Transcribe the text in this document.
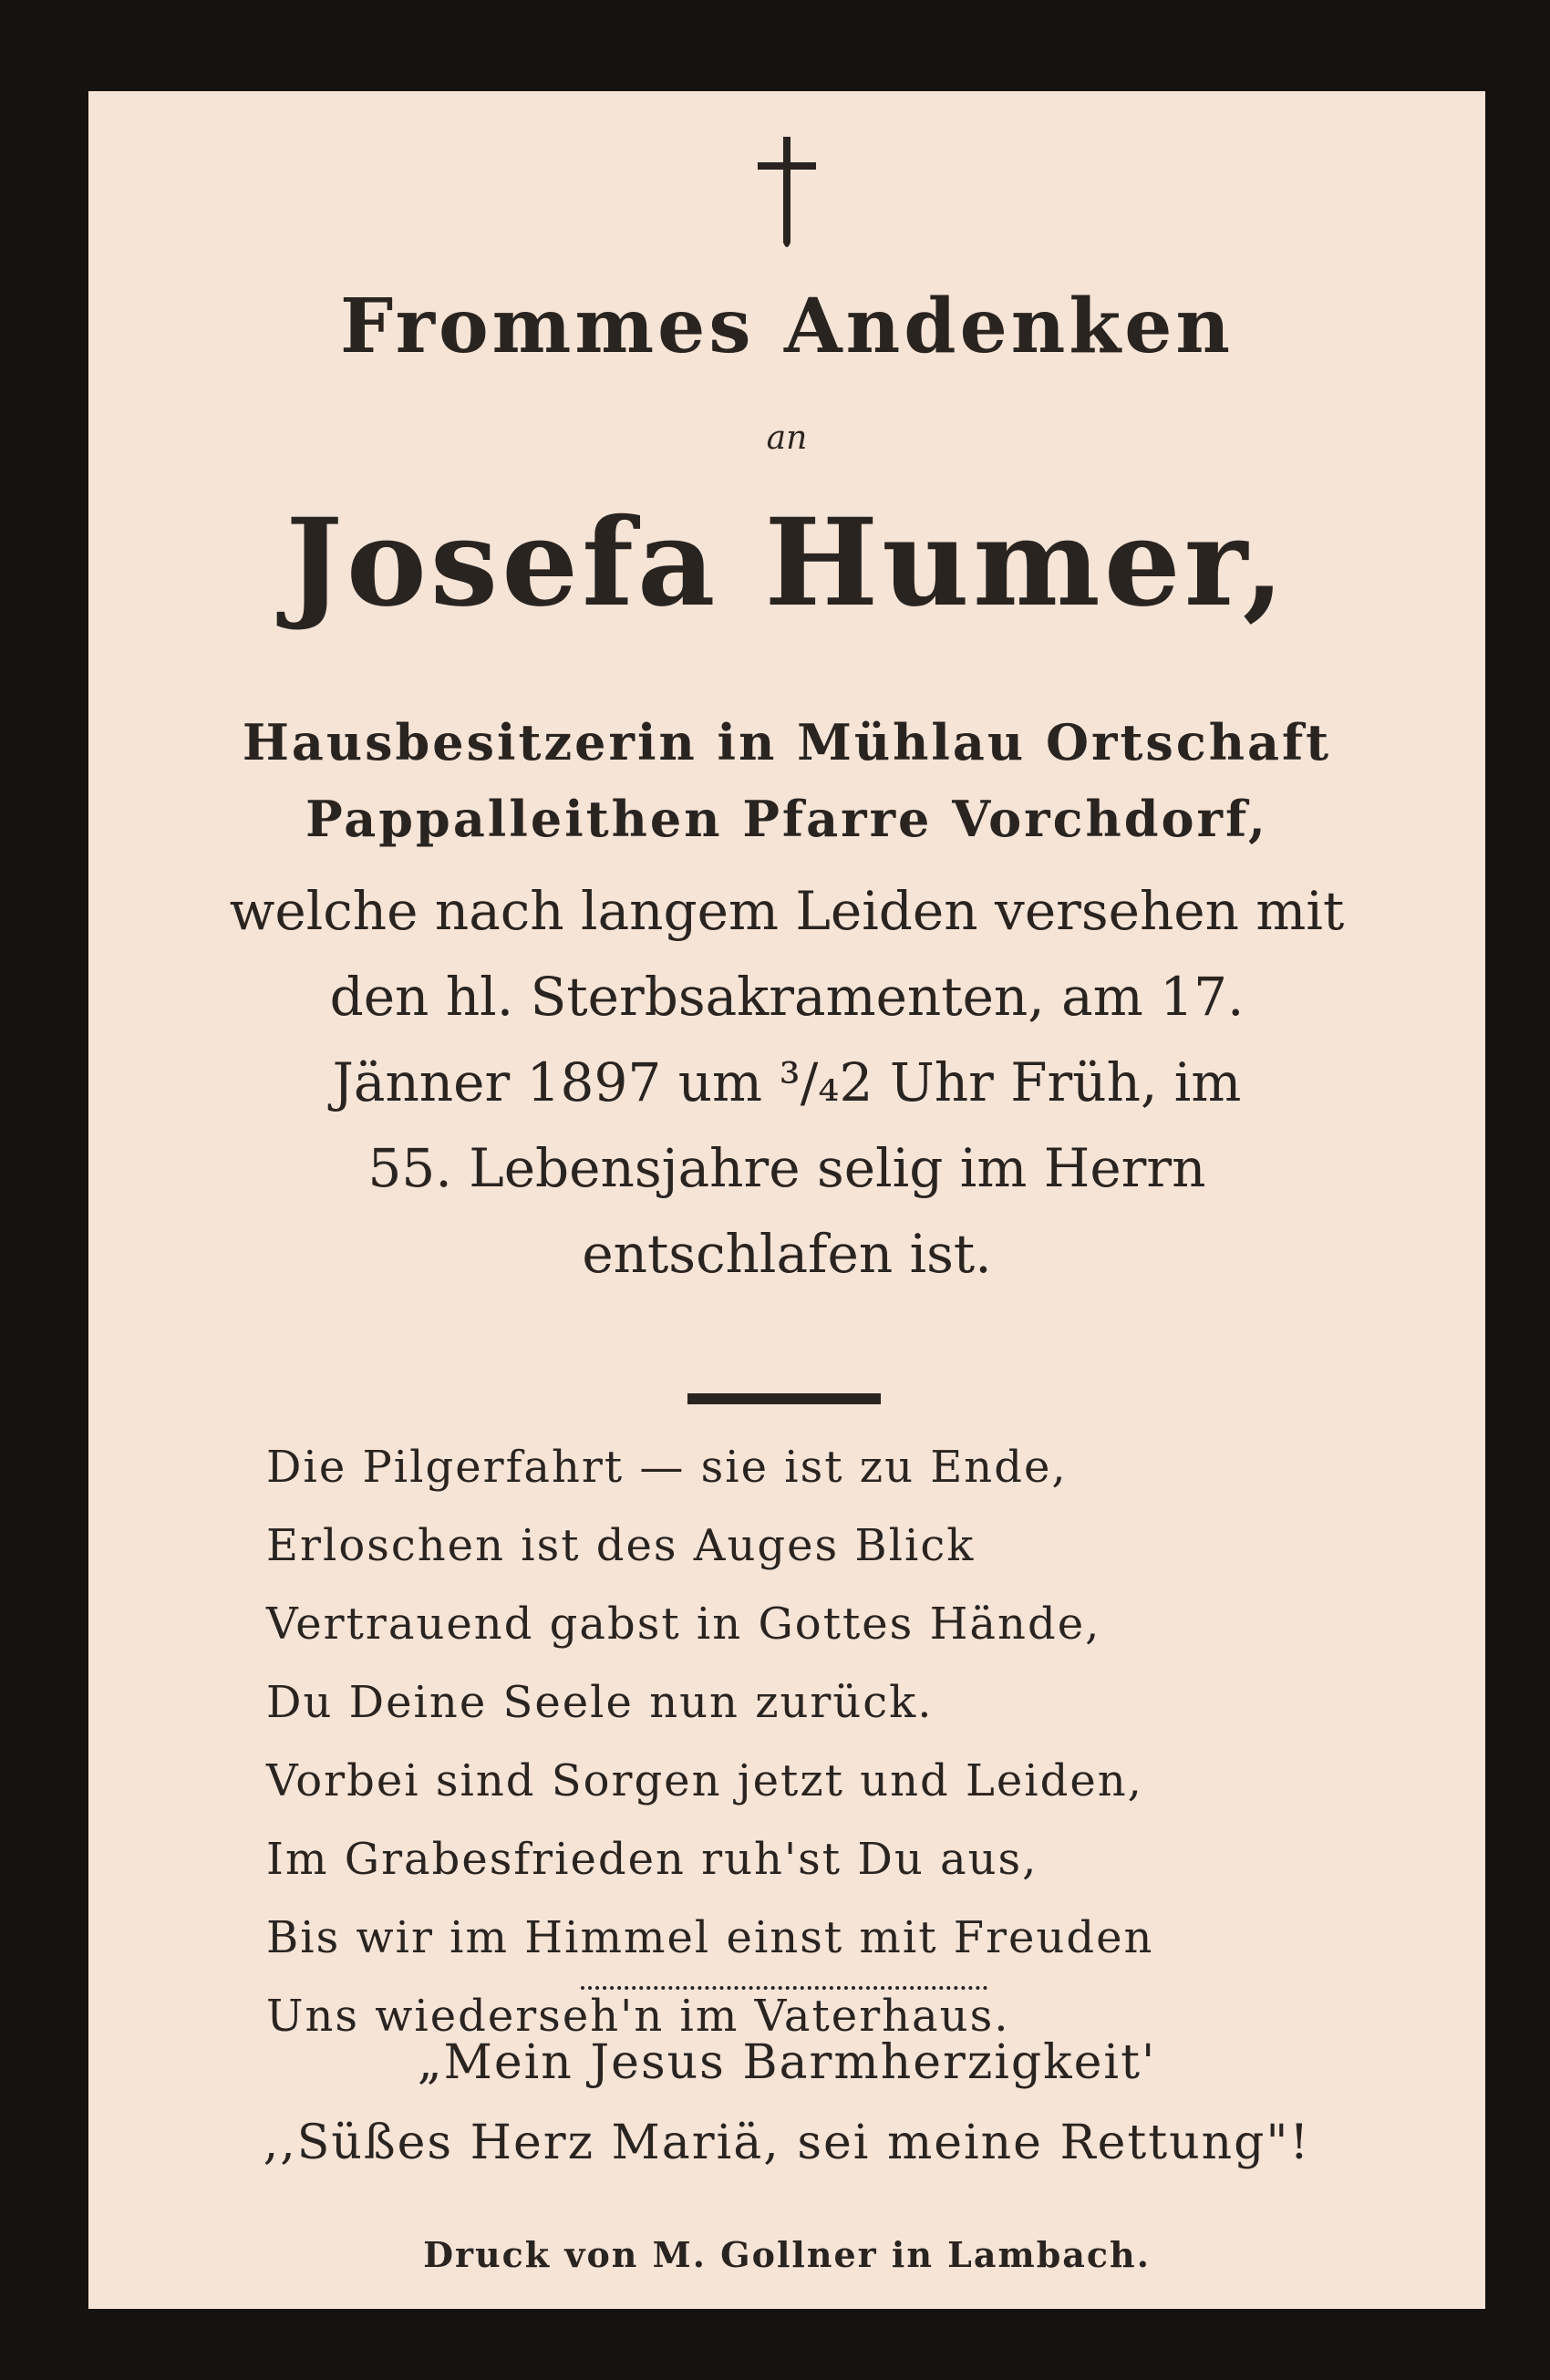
Frommes Andenken
an
Josefa Humer,
Hausbesitzerin in Mühlau Ortschaft
Pappalleithen Pfarre Vorchdorf,
welche nach langem Leiden versehen mit
den hl. Sterbsakramenten, am 17.
Jänner 1897 um ³/₄2 Uhr Früh, im
55. Lebensjahre selig im Herrn
entschlafen ist.
Die Pilgerfahrt — sie ist zu Ende,
Erloschen ist des Auges Blick
Vertrauend gabst in Gottes Hände,
Du Deine Seele nun zurück.
Vorbei sind Sorgen jetzt und Leiden,
Im Grabesfrieden ruh'st Du aus,
Bis wir im Himmel einst mit Freuden
Uns wiederseh'n im Vaterhaus.
„Mein Jesus Barmherzigkeit'
,,Süßes Herz Mariä, sei meine Rettung"!
Druck von M. Gollner in Lambach.
